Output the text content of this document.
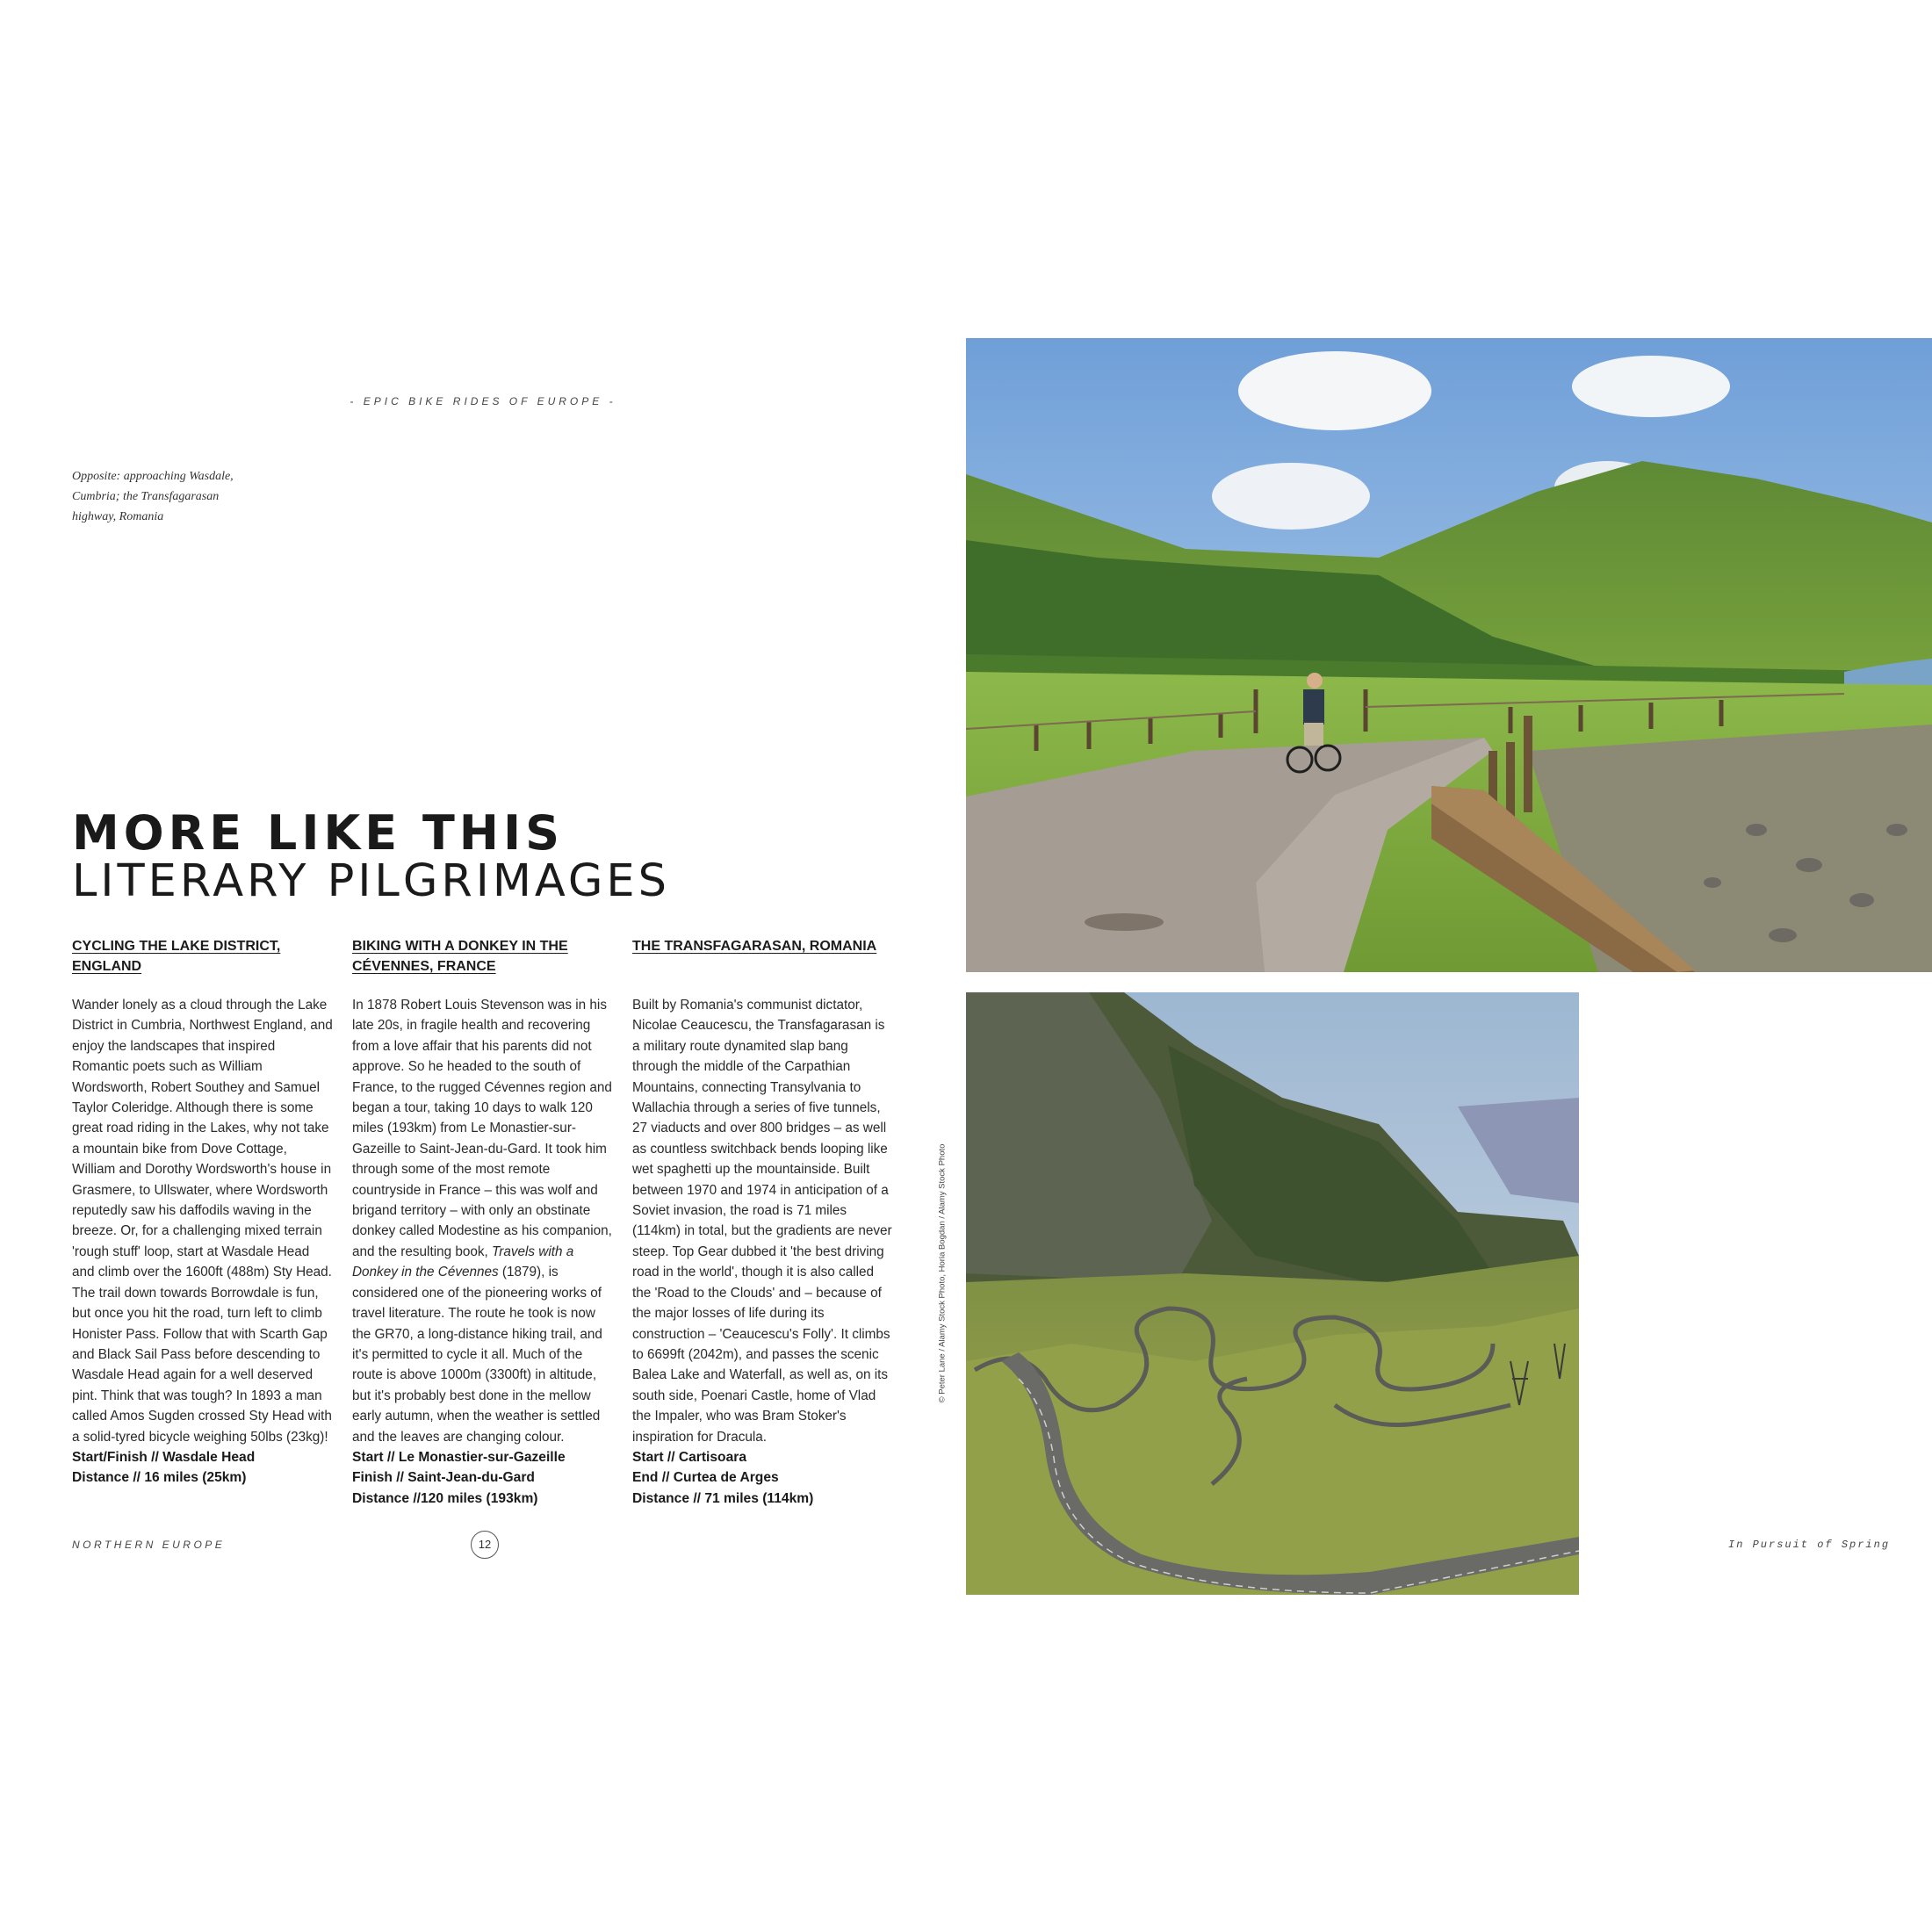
- EPIC BIKE RIDES OF EUROPE -
Opposite: approaching Wasdale, Cumbria; the Transfagarasan highway, Romania
MORE LIKE THIS
LITERARY PILGRIMAGES
CYCLING THE LAKE DISTRICT, ENGLAND

Wander lonely as a cloud through the Lake District in Cumbria, Northwest England, and enjoy the landscapes that inspired Romantic poets such as William Wordsworth, Robert Southey and Samuel Taylor Coleridge. Although there is some great road riding in the Lakes, why not take a mountain bike from Dove Cottage, William and Dorothy Wordsworth's house in Grasmere, to Ullswater, where Wordsworth reputedly saw his daffodils waving in the breeze. Or, for a challenging mixed terrain 'rough stuff' loop, start at Wasdale Head and climb over the 1600ft (488m) Sty Head. The trail down towards Borrowdale is fun, but once you hit the road, turn left to climb Honister Pass. Follow that with Scarth Gap and Black Sail Pass before descending to Wasdale Head again for a well deserved pint. Think that was tough? In 1893 a man called Amos Sugden crossed Sty Head with a solid-tyred bicycle weighing 50lbs (23kg)!

Start/Finish // Wasdale Head
Distance // 16 miles (25km)
BIKING WITH A DONKEY IN THE CÉVENNES, FRANCE

In 1878 Robert Louis Stevenson was in his late 20s, in fragile health and recovering from a love affair that his parents did not approve. So he headed to the south of France, to the rugged Cévennes region and began a tour, taking 10 days to walk 120 miles (193km) from Le Monastier-sur-Gazeille to Saint-Jean-du-Gard. It took him through some of the most remote countryside in France – this was wolf and brigand territory – with only an obstinate donkey called Modestine as his companion, and the resulting book, Travels with a Donkey in the Cévennes (1879), is considered one of the pioneering works of travel literature. The route he took is now the GR70, a long-distance hiking trail, and it's permitted to cycle it all. Much of the route is above 1000m (3300ft) in altitude, but it's probably best done in the mellow early autumn, when the weather is settled and the leaves are changing colour.

Start // Le Monastier-sur-Gazeille
Finish // Saint-Jean-du-Gard
Distance //120 miles (193km)
THE TRANSFAGARASAN, ROMANIA

Built by Romania's communist dictator, Nicolae Ceaucescu, the Transfagarasan is a military route dynamited slap bang through the middle of the Carpathian Mountains, connecting Transylvania to Wallachia through a series of five tunnels, 27 viaducts and over 800 bridges – as well as countless switchback bends looping like wet spaghetti up the mountainside. Built between 1970 and 1974 in anticipation of a Soviet invasion, the road is 71 miles (114km) in total, but the gradients are never steep. Top Gear dubbed it 'the best driving road in the world', though it is also called the 'Road to the Clouds' and – because of the major losses of life during its construction – 'Ceaucescu's Folly'. It climbs to 6699ft (2042m), and passes the scenic Balea Lake and Waterfall, as well as, on its south side, Poenari Castle, home of Vlad the Impaler, who was Bram Stoker's inspiration for Dracula.

Start // Cartisoara
End // Curtea de Arges
Distance // 71 miles (114km)
NORTHERN EUROPE	12	In Pursuit of Spring
© Peter Lane / Alamy Stock Photo, Horia Bogdan / Alamy Stock Photo
